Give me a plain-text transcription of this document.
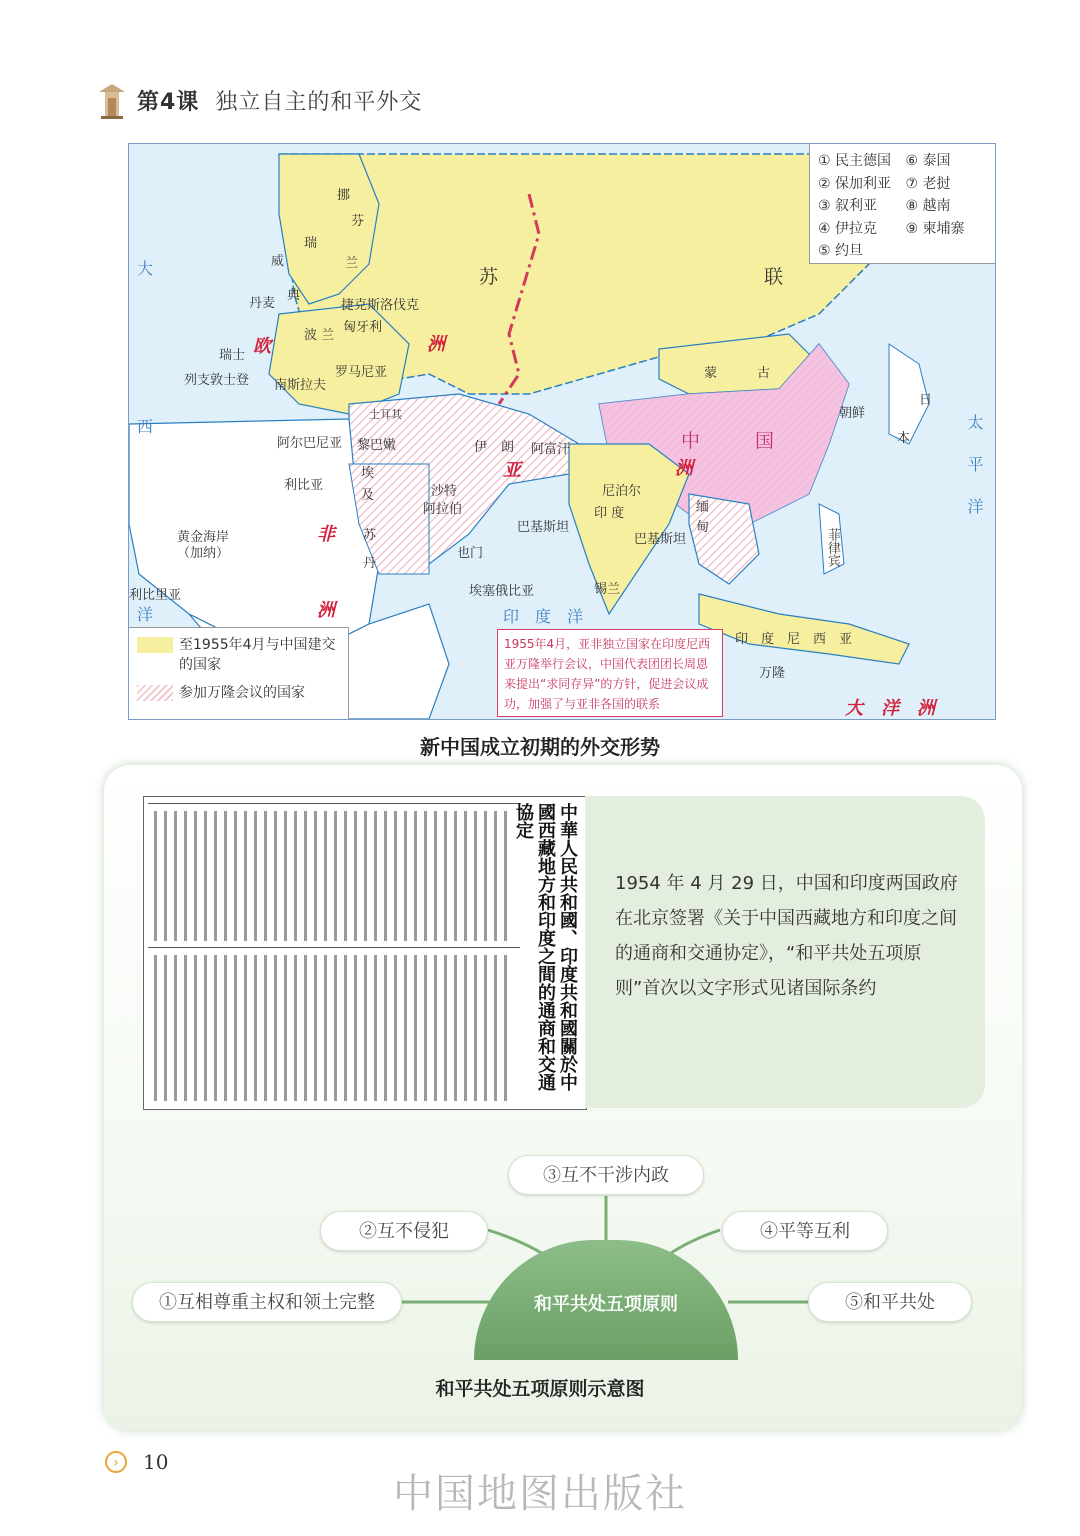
第4课 独立自主的和平外交
① 民主德国	⑥ 泰国
② 保加利亚	⑦ 老挝
③ 叙利亚	⑧ 越南
④ 伊拉克	⑨ 柬埔寨
⑤ 约旦
至1955年4月与中国建交的国家
参加万隆会议的国家
1955年4月，亚非独立国家在印度尼西亚万隆举行会议，中国代表团团长周恩来提出“求同存异”的方针，促进会议成功，加强了与亚非各国的联系
苏	联
蒙	古
中	国
挪
芬
兰
瑞
典
威
丹麦	捷克斯洛伐克
匈牙利
波 兰
瑞士
列支敦士登
罗马尼亚
南斯拉夫
土耳其
阿尔巴尼亚 黎巴嫩	伊 朗 阿富汗
利比亚
埃
及	沙特
阿拉伯
尼泊尔
印 度
巴基斯坦
巴基斯坦
缅
甸
朝鲜
日
本
黄金海岸
（加纳）
苏
丹
也门
埃塞俄比亚
利比里亚	锡兰
菲律宾
印　度　尼　西　亚
万隆
欧	洲
亚	洲
非
洲
大　洋　洲
大
西
洋	印　度　洋
太平洋
新中国成立初期的外交形势
中華人民共和國、印度共和國關於中國西藏地方和印度之間的通商和交通協定
1954 年 4 月 29 日，中国和印度两国政府在北京签署《关于中国西藏地方和印度之间的通商和交通协定》，“和平共处五项原则”首次以文字形式见诸国际条约
①互相尊重主权和领土完整
②互不侵犯
③互不干涉内政
④平等互利
⑤和平共处
和平共处五项原则
和平共处五项原则示意图
›	10
中国地图出版社
